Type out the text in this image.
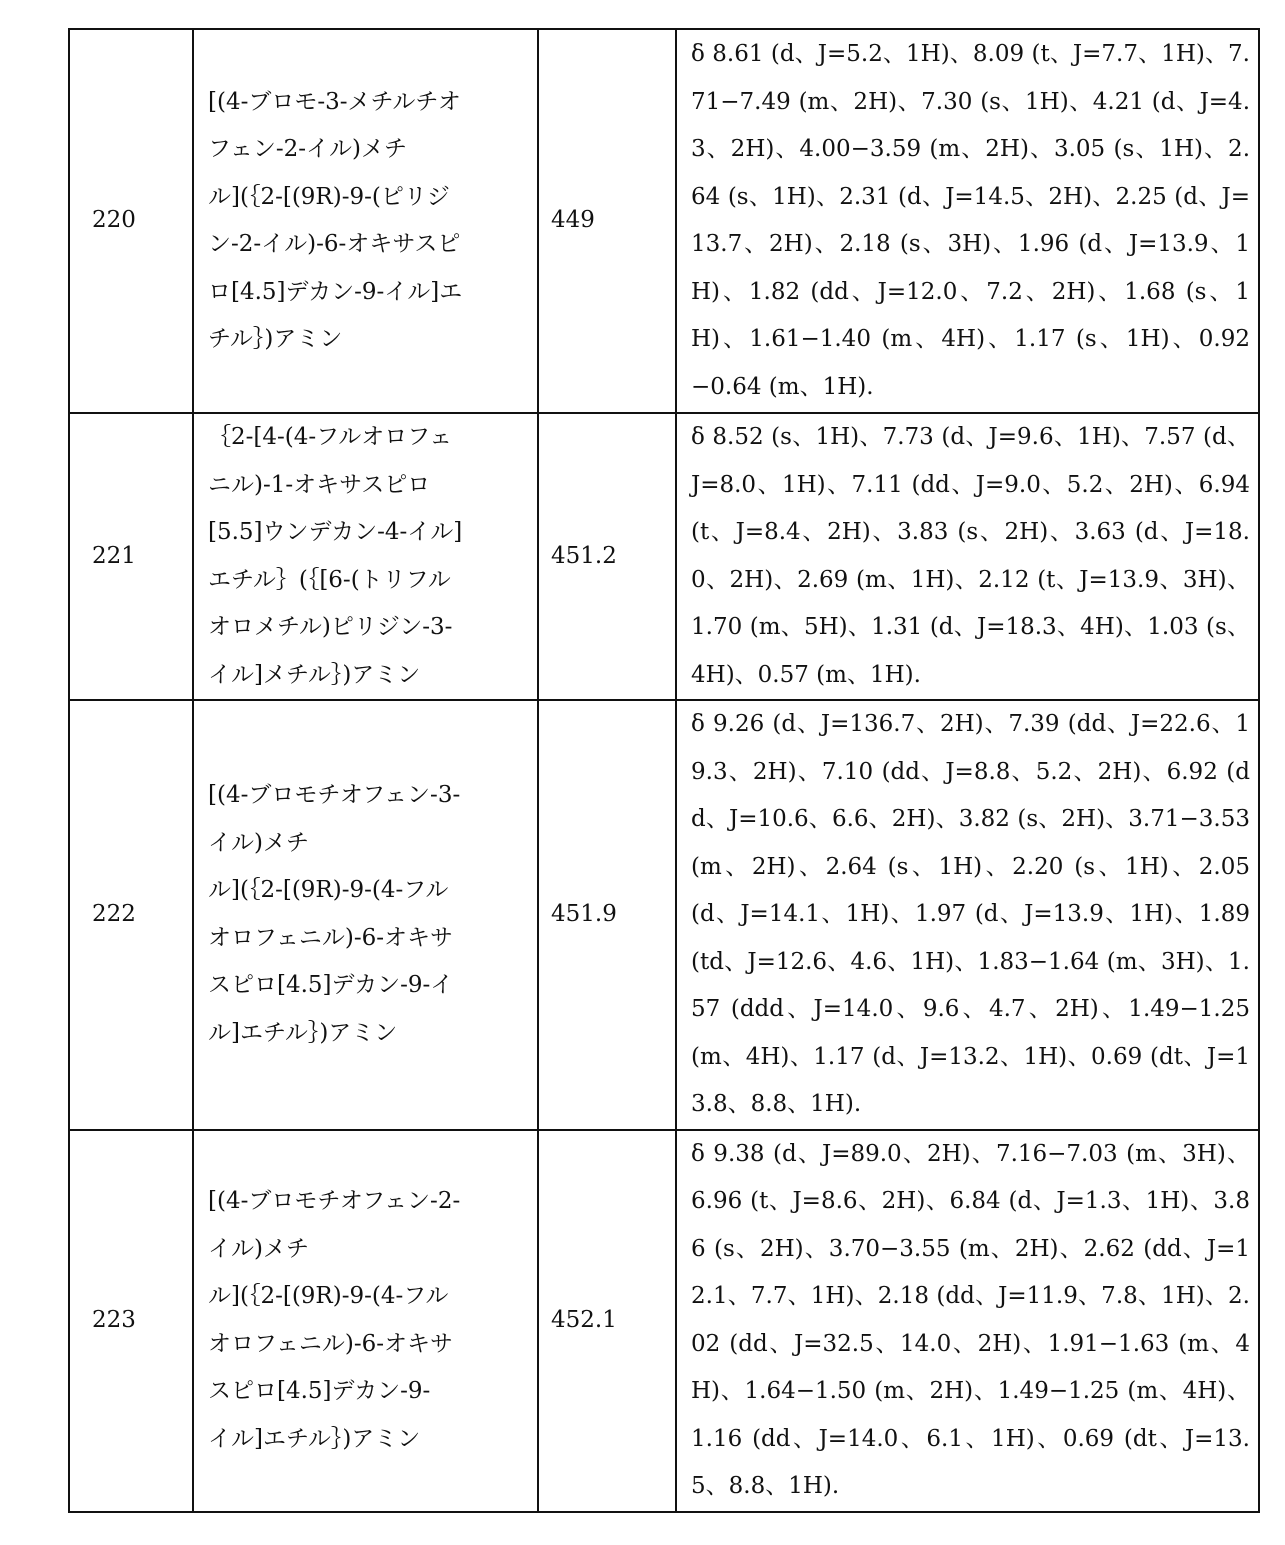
220	
[(4-ブロモ-3-メチルチオ
フェン-2-イル)メチ
ル](｛2-[(9R)-9-(ピリジ
ン-2-イル)-6-オキサスピ
ロ[4.5]デカン-9-イル]エ
チル｝)アミン
	449	δ 8.61 (d、J=5.2、1H)、8.09 (t、J=7.7、1H)、7.71−7.49 (m、2H)、7.30 (s、1H)、4.21 (d、J=4.3、2H)、4.00−3.59 (m、2H)、3.05 (s、1H)、2.64 (s、1H)、2.31 (d、J=14.5、2H)、2.25 (d、J=13.7、2H)、2.18 (s、3H)、1.96 (d、J=13.9、1H)、1.82 (dd、J=12.0、7.2、2H)、1.68 (s、1H)、1.61−1.40 (m、4H)、1.17 (s、1H)、0.92−0.64 (m、1H).
221	
｛2-[4-(4-フルオロフェ
ニル)-1-オキサスピロ
[5.5]ウンデカン-4-イル]
エチル｝(｛[6-(トリフル
オロメチル)ピリジン-3-
イル]メチル｝)アミン
	451.2	δ 8.52 (s、1H)、7.73 (d、J=9.6、1H)、7.57 (d、J=8.0、1H)、7.11 (dd、J=9.0、5.2、2H)、6.94 (t、J=8.4、2H)、3.83 (s、2H)、3.63 (d、J=18.0、2H)、2.69 (m、1H)、2.12 (t、J=13.9、3H)、1.70 (m、5H)、1.31 (d、J=18.3、4H)、1.03 (s、4H)、0.57 (m、1H).
222	
[(4-ブロモチオフェン-3-
イル)メチ
ル](｛2-[(9R)-9-(4-フル
オロフェニル)-6-オキサ
スピロ[4.5]デカン-9-イ
ル]エチル｝)アミン
	451.9	δ 9.26 (d、J=136.7、2H)、7.39 (dd、J=22.6、19.3、2H)、7.10 (dd、J=8.8、5.2、2H)、6.92 (dd、J=10.6、6.6、2H)、3.82 (s、2H)、3.71−3.53 (m、2H)、2.64 (s、1H)、2.20 (s、1H)、2.05 (d、J=14.1、1H)、1.97 (d、J=13.9、1H)、1.89 (td、J=12.6、4.6、1H)、1.83−1.64 (m、3H)、1.57 (ddd、J=14.0、9.6、4.7、2H)、1.49−1.25 (m、4H)、1.17 (d、J=13.2、1H)、0.69 (dt、J=13.8、8.8、1H).
223	
[(4-ブロモチオフェン-2-
イル)メチ
ル](｛2-[(9R)-9-(4-フル
オロフェニル)-6-オキサ
スピロ[4.5]デカン-9-
イル]エチル｝)アミン
	452.1	δ 9.38 (d、J=89.0、2H)、7.16−7.03 (m、3H)、6.96 (t、J=8.6、2H)、6.84 (d、J=1.3、1H)、3.86 (s、2H)、3.70−3.55 (m、2H)、2.62 (dd、J=12.1、7.7、1H)、2.18 (dd、J=11.9、7.8、1H)、2.02 (dd、J=32.5、14.0、2H)、1.91−1.63 (m、4H)、1.64−1.50 (m、2H)、1.49−1.25 (m、4H)、1.16 (dd、J=14.0、6.1、1H)、0.69 (dt、J=13.5、8.8、1H).
